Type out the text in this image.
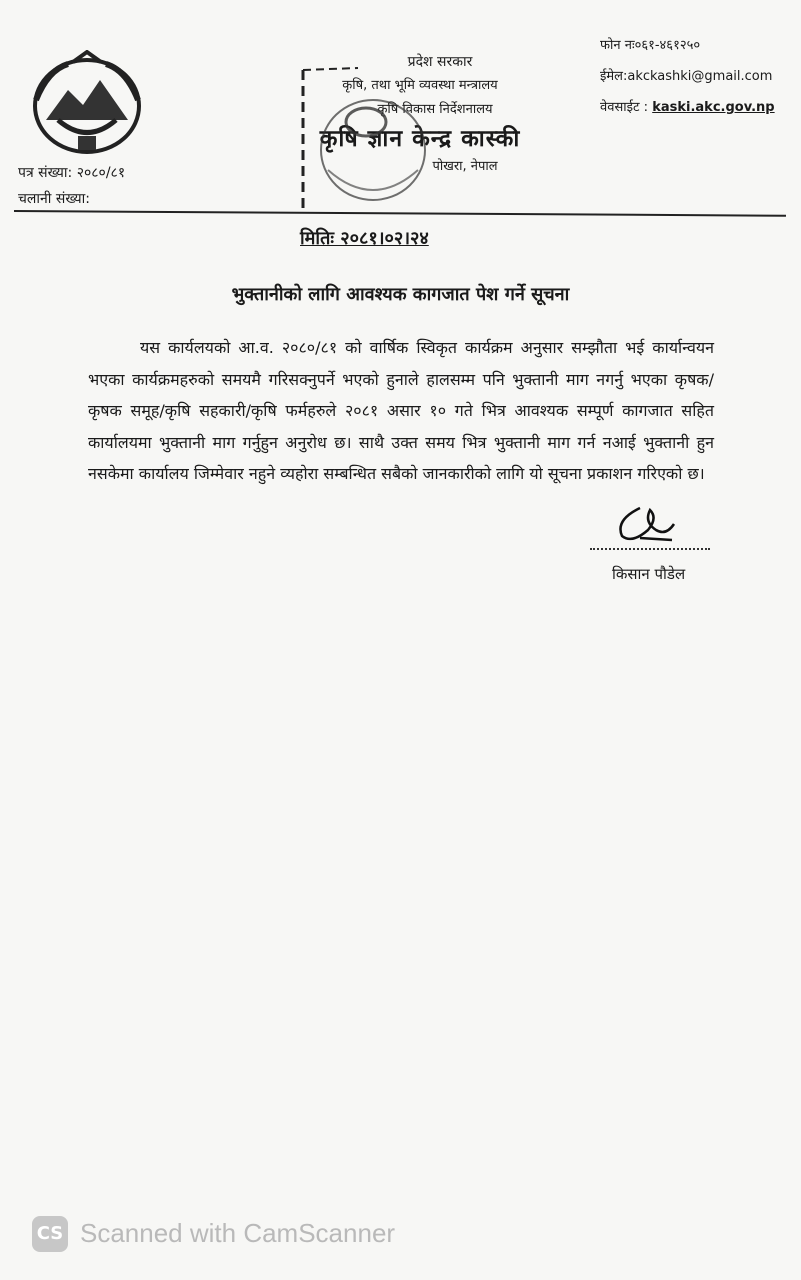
पत्र संख्या: २०८०/८१
चलानी संख्या:
प्रदेश सरकार
कृषि, तथा भूमि व्यवस्था मन्त्रालय
कृषि विकास निर्देशनालय
कृषि ज्ञान केन्द्र कास्की
पोखरा, नेपाल
फोन नः०६१-४६१२५०
ईमेल:akckashki@gmail.com
वेवसाईट : kaski.akc.gov.np
मितिः २०८१।०२।२४
भुक्तानीको लागि आवश्यक कागजात पेश गर्ने सूचना
यस कार्यलयको आ.व. २०८०/८१ को वार्षिक स्विकृत कार्यक्रम अनुसार सम्झौता भई कार्यान्वयन भएका कार्यक्रमहरुको समयमै गरिसक्नुपर्ने भएको हुनाले हालसम्म पनि भुक्तानी माग नगर्नु भएका कृषक/कृषक समूह/कृषि सहकारी/कृषि फर्महरुले २०८१ असार १० गते भित्र आवश्यक सम्पूर्ण कागजात सहित कार्यालयमा भुक्तानी माग गर्नुहुन अनुरोध छ। साथै उक्त समय भित्र भुक्तानी माग गर्न नआई भुक्तानी हुन नसकेमा कार्यालय जिम्मेवार नहुने व्यहोरा सम्बन्धित सबैको जानकारीको लागि यो सूचना प्रकाशन गरिएको छ।
किसान पौडेल
CS Scanned with CamScanner
